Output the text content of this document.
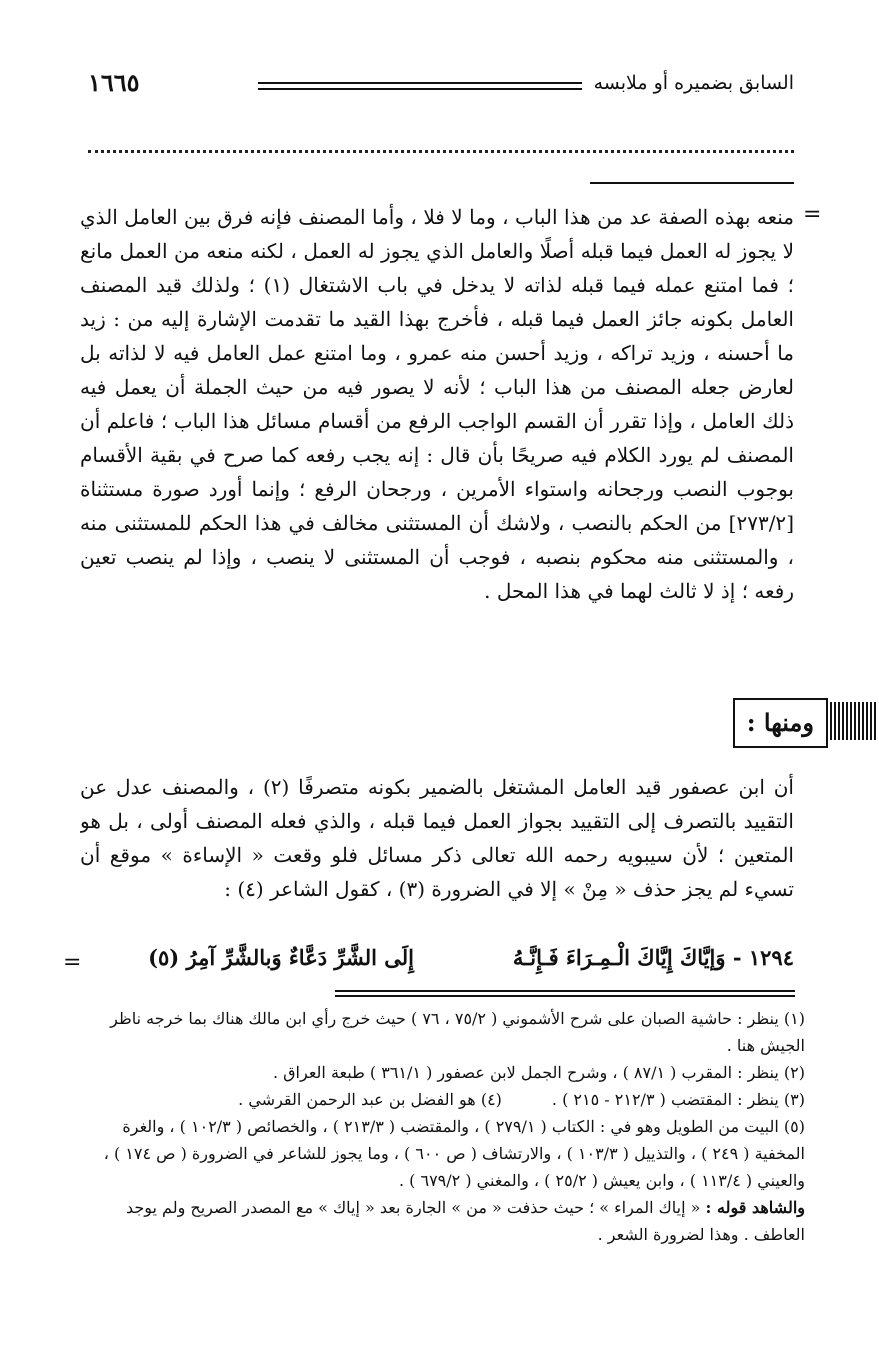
السابق بضميره أو ملابسه
١٦٦٥
=

منعه بهذه الصفة عد من هذا الباب ، وما لا فلا ، وأما المصنف فإنه فرق بين العامل الذي لا يجوز له العمل فيما قبله أصلًا والعامل الذي يجوز له العمل ، لكنه منعه من العمل مانع ؛ فما امتنع عمله فيما قبله لذاته لا يدخل في باب الاشتغال (١) ؛ ولذلك قيد المصنف العامل بكونه جائز العمل فيما قبله ، فأخرج بهذا القيد ما تقدمت الإشارة إليه من : زيد ما أحسنه ، وزيد تراكه ، وزيد أحسن منه عمرو ، وما امتنع عمل العامل فيه لا لذاته بل لعارض جعله المصنف من هذا الباب ؛ لأنه لا يصور فيه من حيث الجملة أن يعمل فيه ذلك العامل ، وإذا تقرر أن القسم الواجب الرفع من أقسام مسائل هذا الباب ؛ فاعلم أن المصنف لم يورد الكلام فيه صريحًا بأن قال : إنه يجب رفعه كما صرح في بقية الأقسام بوجوب النصب ورجحانه واستواء الأمرين ، ورجحان الرفع ؛ وإنما أورد صورة مستثناة [٢٧٣/٢] من الحكم بالنصب ، ولاشك أن المستثنى مخالف في هذا الحكم للمستثنى منه ، والمستثنى منه محكوم بنصبه ، فوجب أن المستثنى لا ينصب ، وإذا لم ينصب تعين رفعه ؛ إذ لا ثالث لهما في هذا المحل .

ومنها :

أن ابن عصفور قيد العامل المشتغل بالضمير بكونه متصرفًا (٢) ، والمصنف عدل عن التقييد بالتصرف إلى التقييد بجواز العمل فيما قبله ، والذي فعله المصنف أولى ، بل هو المتعين ؛ لأن سيبويه رحمه الله تعالى ذكر مسائل فلو وقعت « الإساءة » موقع أن تسيء لم يجز حذف « مِنْ » إلا في الضرورة (٣) ، كقول الشاعر (٤) :

١٢٩٤ - وَإيَّاكَ إِيَّاكَ الْـمِـرَاءَ فَـإِنَّـهُ
إِلَى الشَّرِّ دَعَّاءٌ وَبالشَّرِّ آمِرُ (٥)
=

(١) ينظر : حاشية الصبان على شرح الأشموني ( ٧٥/٢ ، ٧٦ ) حيث خرج رأي ابن مالك هناك بما خرجه ناظر الجيش هنا .

(٢) ينظر : المقرب ( ٨٧/١ ) ، وشرح الجمل لابن عصفور ( ٣٦١/١ ) طبعة العراق .

(٣) ينظر : المقتضب ( ٢١٢/٣ - ٢١٥ ) .

(٤) هو الفضل بن عبد الرحمن القرشي .

(٥) البيت من الطويل وهو في : الكتاب ( ٢٧٩/١ ) ، والمقتضب ( ٢١٣/٣ ) ، والخصائص ( ١٠٢/٣ ) ، والغرة المخفية ( ٢٤٩ ) ، والتذييل ( ١٠٣/٣ ) ، والارتشاف ( ص ٦٠٠ ) ، وما يجوز للشاعر في الضرورة ( ص ١٧٤ ) ، والعيني ( ١١٣/٤ ) ، وابن يعيش ( ٢٥/٢ ) ، والمغني ( ٦٧٩/٢ ) .

والشاهد قوله : « إياك المراء » ؛ حيث حذفت « من » الجارة بعد « إياك » مع المصدر الصريح ولم يوجد العاطف . وهذا لضرورة الشعر .
